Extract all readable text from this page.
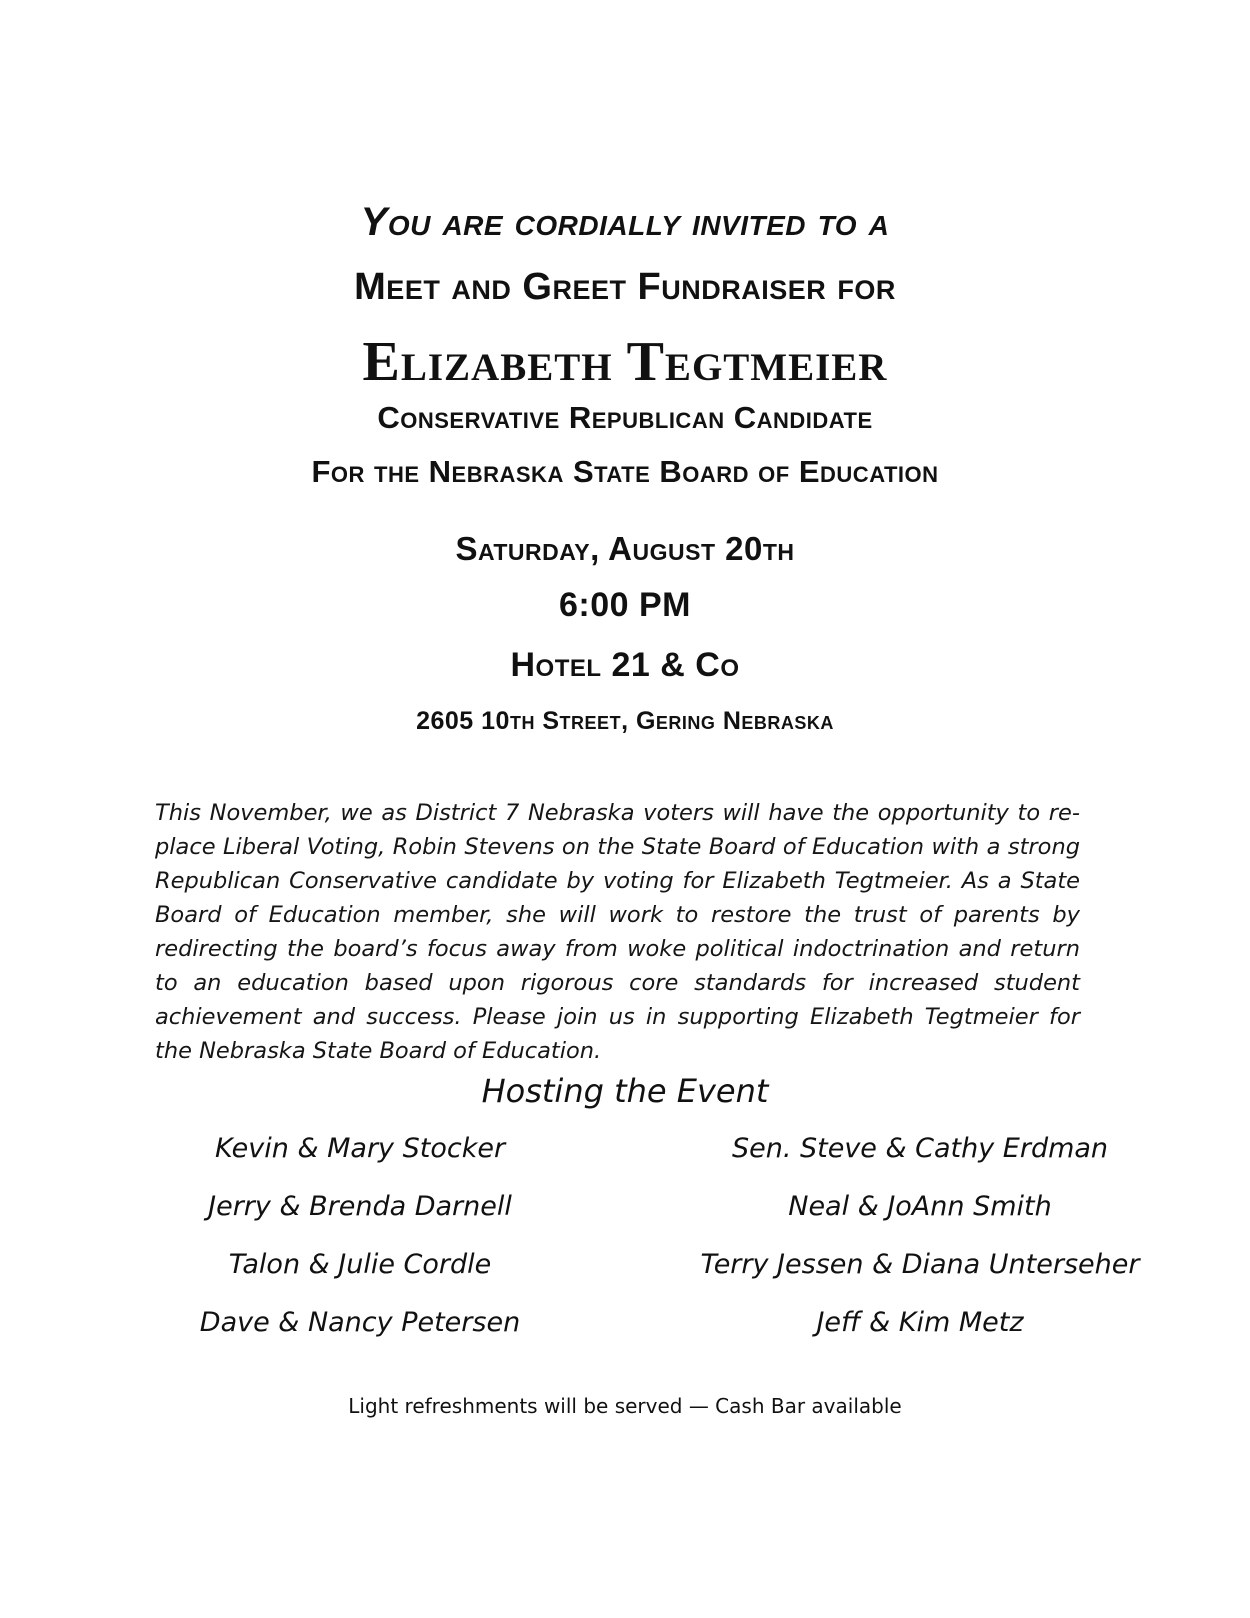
You are cordially invited to a
Meet and Greet Fundraiser for
Elizabeth Tegtmeier
Conservative Republican Candidate
For the Nebraska State Board of Education
Saturday, August 20th
6:00 PM
Hotel 21 & Co
2605 10th Street, Gering Nebraska

This November, we as District 7 Nebraska voters will have the opportunity to replace Liberal Voting, Robin Stevens on the State Board of Education with a strong Republican Conservative candidate by voting for Elizabeth Tegtmeier. As a State Board of Education member, she will work to restore the trust of parents by redirecting the board’s focus away from woke political indoctrination and return to an education based upon rigorous core standards for increased student achievement and success. Please join us in supporting Elizabeth Tegtmeier for the Nebraska State Board of Education.

Hosting the Event
Kevin & Mary Stocker
Jerry & Brenda Darnell
Talon & Julie Cordle
Dave & Nancy Petersen
Sen. Steve & Cathy Erdman
Neal & JoAnn Smith
Terry Jessen & Diana Unterseher
Jeff & Kim Metz
Light refreshments will be served — Cash Bar available
